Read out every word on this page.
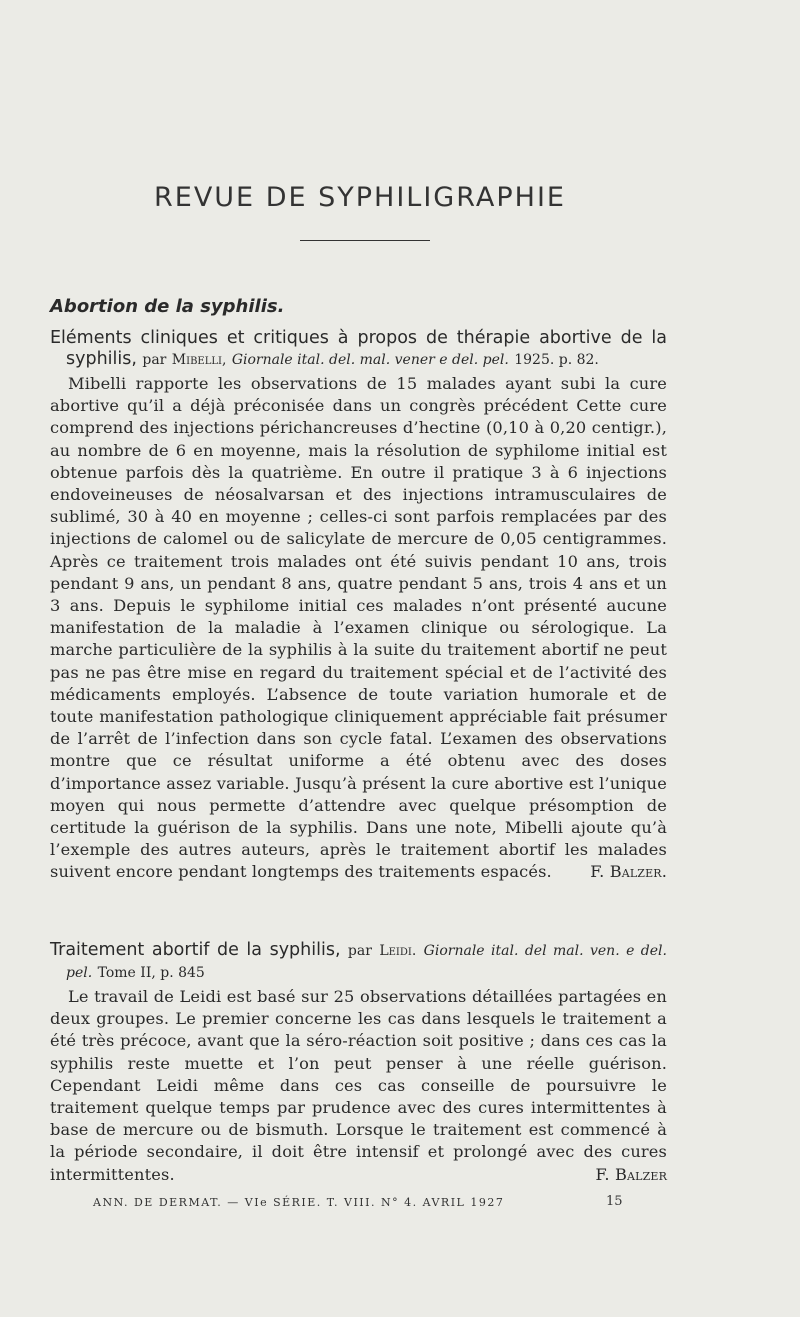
REVUE DE SYPHILIGRAPHIE
Abortion de la syphilis.

Eléments cliniques et critiques à propos de thérapie abortive de la syphilis, par Mibelli, Giornale ital. del. mal. vener e del. pel. 1925. p. 82.

Mibelli rapporte les observations de 15 malades ayant subi la cure abortive qu’il a déjà préconisée dans un congrès précédent Cette cure comprend des injections périchancreuses d’hectine (0,10 à 0,20 centigr.), au nombre de 6 en moyenne, mais la résolution de syphilome initial est obtenue parfois dès la quatrième. En outre il pratique 3 à 6 injections endoveineuses de néosalvarsan et des injections intramusculaires de sublimé, 30 à 40 en moyenne ; celles-ci sont parfois remplacées par des injections de calomel ou de salicylate de mercure de 0,05 centigrammes. Après ce traitement trois malades ont été suivis pendant 10 ans, trois pendant 9 ans, un pendant 8 ans, quatre pendant 5 ans, trois 4 ans et un 3 ans. Depuis le syphilome initial ces malades n’ont présenté aucune manifestation de la maladie à l’examen clinique ou sérologique. La marche particulière de la syphilis à la suite du traitement abortif ne peut pas ne pas être mise en regard du traitement spécial et de l’activité des médicaments employés. L’absence de toute variation humorale et de toute manifestation pathologique cliniquement appréciable fait présumer de l’arrêt de l’infection dans son cycle fatal. L’examen des observations montre que ce résultat uniforme a été obtenu avec des doses d’importance assez variable. Jusqu’à présent la cure abortive est l’unique moyen qui nous permette d’attendre avec quelque présomption de certitude la guérison de la syphilis. Dans une note, Mibelli ajoute qu’à l’exemple des autres auteurs, après le traitement abortif les malades suivent encore pendant longtemps des traitements espacés.	F. Balzer.

Traitement abortif de la syphilis, par Leidi. Giornale ital. del mal. ven. e del. pel. Tome II, p. 845

Le travail de Leidi est basé sur 25 observations détaillées partagées en deux groupes. Le premier concerne les cas dans lesquels le traitement a été très précoce, avant que la séro-réaction soit positive ; dans ces cas la syphilis reste muette et l’on peut penser à une réelle guérison. Cependant Leidi même dans ces cas conseille de poursuivre le traitement quelque temps par prudence avec des cures intermittentes à base de mercure ou de bismuth. Lorsque le traitement est commencé à la période secondaire, il doit être intensif et prolongé avec des cures intermittentes.	F. Balzer

ANN. DE DERMAT. — VIe SÉRIE. T. VIII. N° 4. AVRIL 1927	15
